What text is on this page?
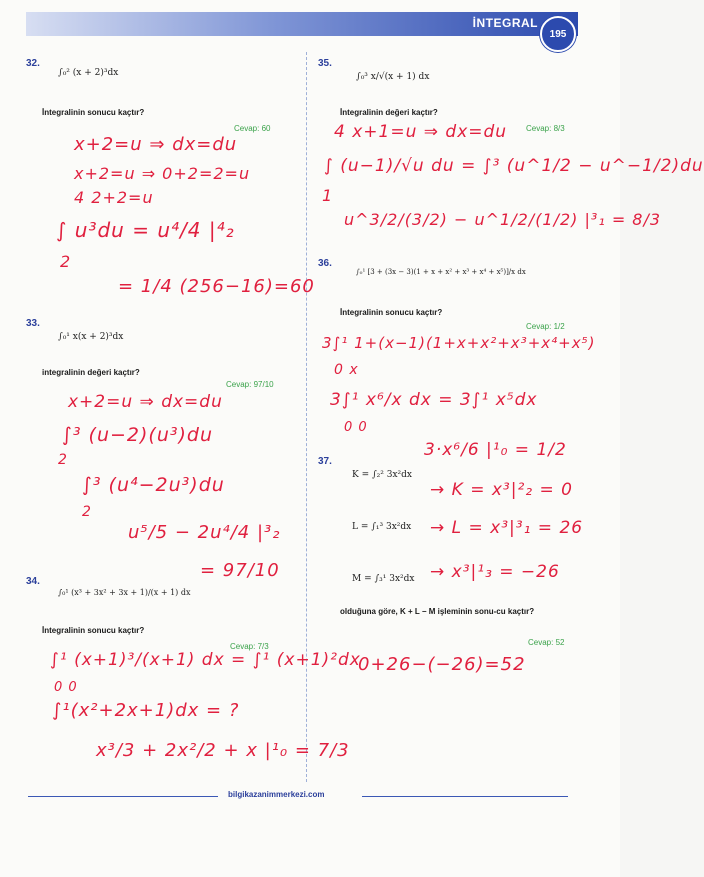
İNTEGRAL
195
32.
∫₀² (x + 2)³dx
İntegralinin sonucu kaçtır?
Cevap: 60
x+2=u ⇒ dx=du
x+2=u ⇒ 0+2=2=u
4 2+2=u
∫ u³du = u⁴/4 |⁴₂
2
= 1/4 (256−16)=60
33.
∫₀¹ x(x + 2)³dx
integralinin değeri kaçtır?
Cevap: 97/10
x+2=u ⇒ dx=du
∫³ (u−2)(u³)du
2
∫³ (u⁴−2u³)du
2
u⁵/5 − 2u⁴/4 |³₂
= 97/10
34.
∫₀¹ (x³ + 3x² + 3x + 1)/(x + 1) dx
İntegralinin sonucu kaçtır?
Cevap: 7/3
∫¹ (x+1)³/(x+1) dx = ∫¹ (x+1)²dx
0 0
∫¹(x²+2x+1)dx = ?
x³/3 + 2x²/2 + x |¹₀ = 7/3
35.
∫₀³ x/√(x + 1) dx
İntegralinin değeri kaçtır?
Cevap: 8/3
4 x+1=u ⇒ dx=du
∫ (u−1)/√u du = ∫³ (u^1/2 − u^−1/2)du
1
u^3/2/(3/2) − u^1/2/(1/2) |³₁ = 8/3
36.
∫₀¹ [3 + (3x − 3)(1 + x + x² + x³ + x⁴ + x⁵)]/x dx
İntegralinin sonucu kaçtır?
Cevap: 1/2
3∫¹ 1+(x−1)(1+x+x²+x³+x⁴+x⁵)
0 x
3∫¹ x⁶/x dx = 3∫¹ x⁵dx
0 0
3·x⁶/6 |¹₀ = 1/2
37.
K = ∫₂² 3x²dx
L = ∫₁³ 3x²dx
M = ∫₃¹ 3x²dx
→ K = x³|²₂ = 0
→ L = x³|³₁ = 26
→ x³|¹₃ = −26
olduğuna göre, K + L − M işleminin sonu-cu kaçtır?
Cevap: 52
0+26−(−26)=52
bilgikazanimmerkezi.com
